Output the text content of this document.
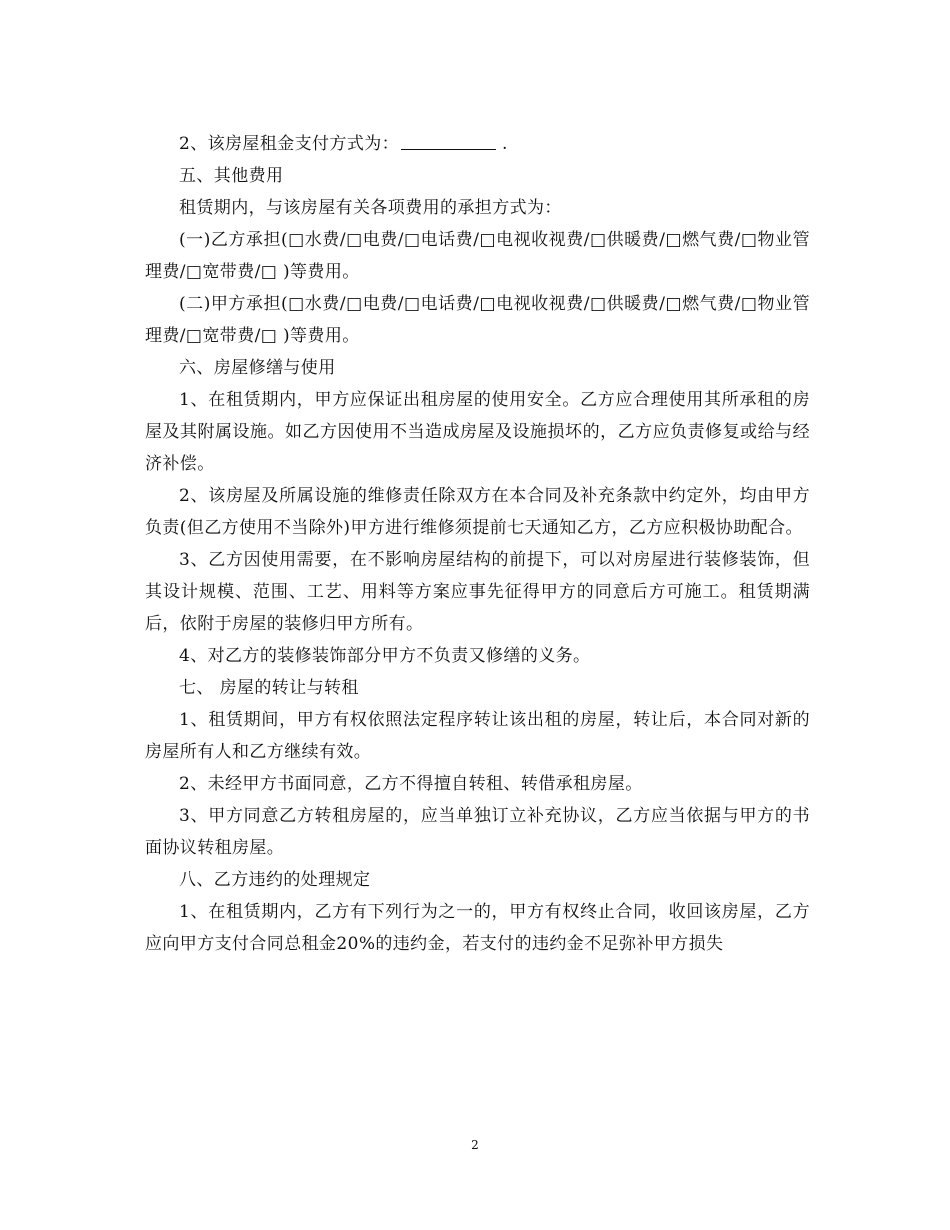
2、该房屋租金支付方式为：	.

五、其他费用

租赁期内，与该房屋有关各项费用的承担方式为：

(一)乙方承担(□水费/□电费/□电话费/□电视收视费/□供暖费/□燃气费/□物业管理费/□宽带费/□ )等费用。

(二)甲方承担(□水费/□电费/□电话费/□电视收视费/□供暖费/□燃气费/□物业管理费/□宽带费/□ )等费用。

六、房屋修缮与使用

1、在租赁期内，甲方应保证出租房屋的使用安全。乙方应合理使用其所承租的房屋及其附属设施。如乙方因使用不当造成房屋及设施损坏的，乙方应负责修复或给与经济补偿。

2、该房屋及所属设施的维修责任除双方在本合同及补充条款中约定外，均由甲方负责(但乙方使用不当除外)甲方进行维修须提前七天通知乙方，乙方应积极协助配合。

3、乙方因使用需要，在不影响房屋结构的前提下，可以对房屋进行装修装饰，但其设计规模、范围、工艺、用料等方案应事先征得甲方的同意后方可施工。租赁期满后，依附于房屋的装修归甲方所有。

4、对乙方的装修装饰部分甲方不负责又修缮的义务。

七、 房屋的转让与转租

1、租赁期间，甲方有权依照法定程序转让该出租的房屋，转让后，本合同对新的房屋所有人和乙方继续有效。

2、未经甲方书面同意，乙方不得擅自转租、转借承租房屋。

3、甲方同意乙方转租房屋的，应当单独订立补充协议，乙方应当依据与甲方的书面协议转租房屋。

八、乙方违约的处理规定

1、在租赁期内，乙方有下列行为之一的，甲方有权终止合同，收回该房屋，乙方应向甲方支付合同总租金20%的违约金，若支付的违约金不足弥补甲方损失

2
